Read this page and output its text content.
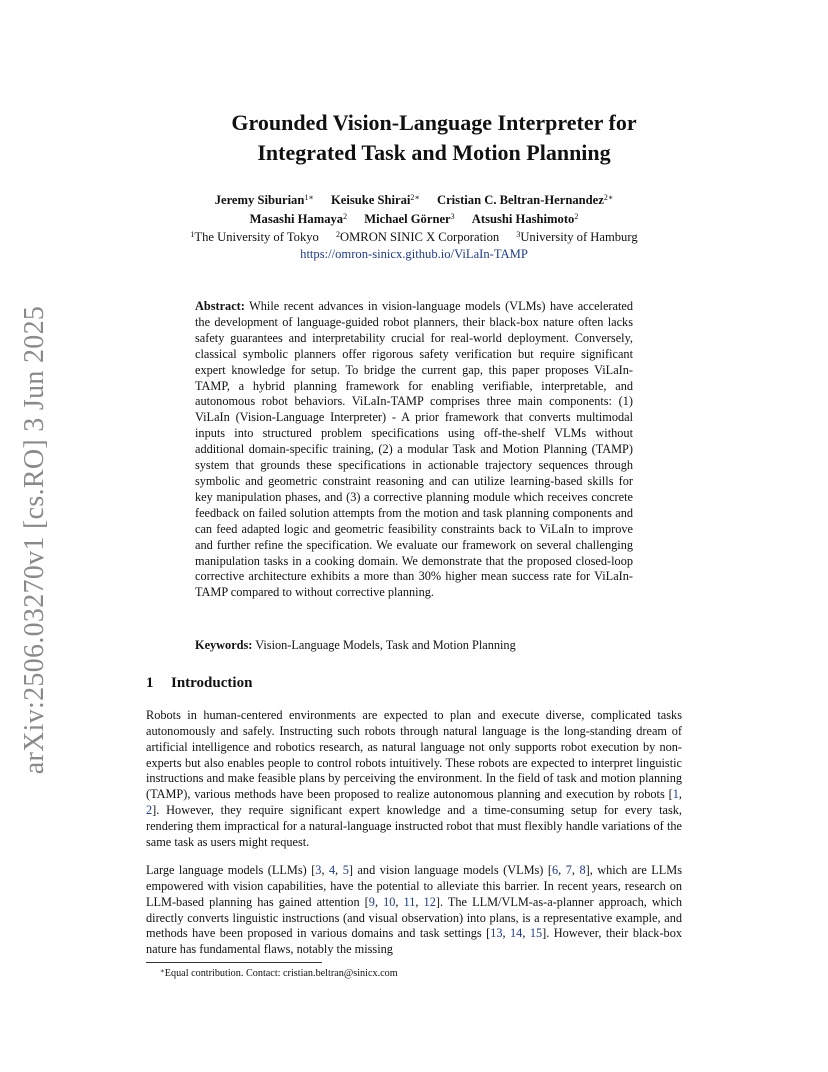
arXiv:2506.03270v1 [cs.RO] 3 Jun 2025
Grounded Vision-Language Interpreter for
Integrated Task and Motion Planning
Jeremy Siburian$^{1∗}$ Keisuke Shirai$^{2∗}$ Cristian C. Beltran-Hernandez$^{2∗}$
Masashi Hamaya$^2$ Michael Görner$^3$ Atsushi Hashimoto$^2$
$^1$The University of Tokyo $^2$OMRON SINIC X Corporation $^3$University of Hamburg
https://omron-sinicx.github.io/ViLaIn-TAMP
Abstract: While recent advances in vision-language models (VLMs) have accelerated the development of language-guided robot planners, their black-box nature often lacks safety guarantees and interpretability crucial for real-world deployment. Conversely, classical symbolic planners offer rigorous safety verification but require significant expert knowledge for setup. To bridge the current gap, this paper proposes ViLaIn-TAMP, a hybrid planning framework for enabling verifiable, interpretable, and autonomous robot behaviors. ViLaIn-TAMP comprises three main components: (1) ViLaIn (Vision-Language Interpreter) - A prior framework that converts multimodal inputs into structured problem specifications using off-the-shelf VLMs without additional domain-specific training, (2) a modular Task and Motion Planning (TAMP) system that grounds these specifications in actionable trajectory sequences through symbolic and geometric constraint reasoning and can utilize learning-based skills for key manipulation phases, and (3) a corrective planning module which receives concrete feedback on failed solution attempts from the motion and task planning components and can feed adapted logic and geometric feasibility constraints back to ViLaIn to improve and further refine the specification. We evaluate our framework on several challenging manipulation tasks in a cooking domain. We demonstrate that the proposed closed-loop corrective architecture exhibits a more than 30% higher mean success rate for ViLaIn-TAMP compared to without corrective planning.
Keywords: Vision-Language Models, Task and Motion Planning
1 Introduction
Robots in human-centered environments are expected to plan and execute diverse, complicated tasks autonomously and safely. Instructing such robots through natural language is the long-standing dream of artificial intelligence and robotics research, as natural language not only supports robot execution by non-experts but also enables people to control robots intuitively. These robots are expected to interpret linguistic instructions and make feasible plans by perceiving the environment. In the field of task and motion planning (TAMP), various methods have been proposed to realize autonomous planning and execution by robots [1, 2]. However, they require significant expert knowledge and a time-consuming setup for every task, rendering them impractical for a natural-language instructed robot that must flexibly handle variations of the same task as users might request.
Large language models (LLMs) [3, 4, 5] and vision language models (VLMs) [6, 7, 8], which are LLMs empowered with vision capabilities, have the potential to alleviate this barrier. In recent years, research on LLM-based planning has gained attention [9, 10, 11, 12]. The LLM/VLM-as-a-planner approach, which directly converts linguistic instructions (and visual observation) into plans, is a representative example, and methods have been proposed in various domains and task settings [13, 14, 15]. However, their black-box nature has fundamental flaws, notably the missing
∗Equal contribution. Contact: cristian.beltran@sinicx.com
